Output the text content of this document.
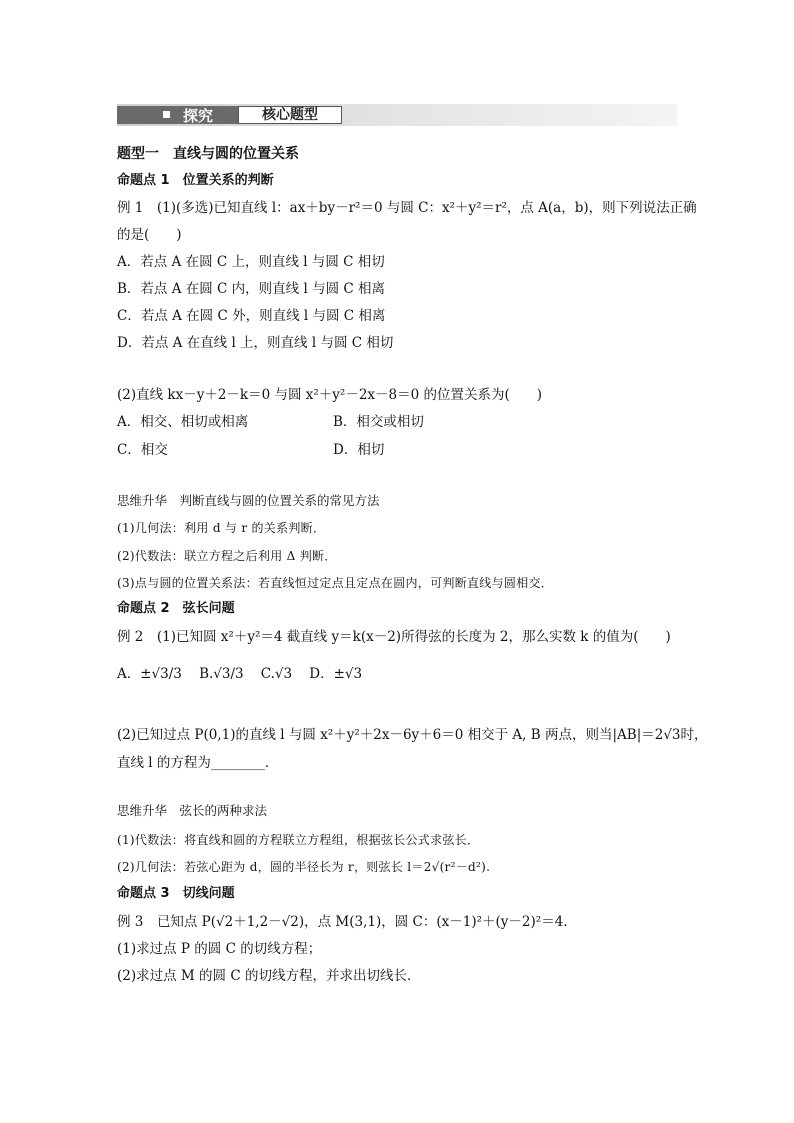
探究	核心题型
题型一　直线与圆的位置关系
命题点 1　位置关系的判断
例 1　(1)(多选)已知直线 l：ax＋by－r²＝0 与圆 C：x²＋y²＝r²，点 A(a，b)，则下列说法正确
的是(　　)
A．若点 A 在圆 C 上，则直线 l 与圆 C 相切
B．若点 A 在圆 C 内，则直线 l 与圆 C 相离
C．若点 A 在圆 C 外，则直线 l 与圆 C 相离
D．若点 A 在直线 l 上，则直线 l 与圆 C 相切
(2)直线 kx－y＋2－k＝0 与圆 x²＋y²－2x－8＝0 的位置关系为(　　)
A．相交、相切或相离	B．相交或相切
C．相交	D．相切
思维升华　判断直线与圆的位置关系的常见方法
(1)几何法：利用 d 与 r 的关系判断．
(2)代数法：联立方程之后利用 Δ 判断．
(3)点与圆的位置关系法：若直线恒过定点且定点在圆内，可判断直线与圆相交．
命题点 2　弦长问题
例 2　(1)已知圆 x²＋y²＝4 截直线 y＝k(x－2)所得弦的长度为 2，那么实数 k 的值为(　　)
A．±√3/3 B.√3/3 C.√3 D．±√3
(2)已知过点 P(0,1)的直线 l 与圆 x²＋y²＋2x－6y＋6＝0 相交于 A, B 两点，则当|AB|＝2√3时，
直线 l 的方程为________．
思维升华　弦长的两种求法
(1)代数法：将直线和圆的方程联立方程组，根据弦长公式求弦长．
(2)几何法：若弦心距为 d，圆的半径长为 r，则弦长 l＝2√(r²－d²).
命题点 3　切线问题
例 3　已知点 P(√2＋1,2－√2)，点 M(3,1)，圆 C：(x－1)²＋(y－2)²＝4.
(1)求过点 P 的圆 C 的切线方程；
(2)求过点 M 的圆 C 的切线方程，并求出切线长．
